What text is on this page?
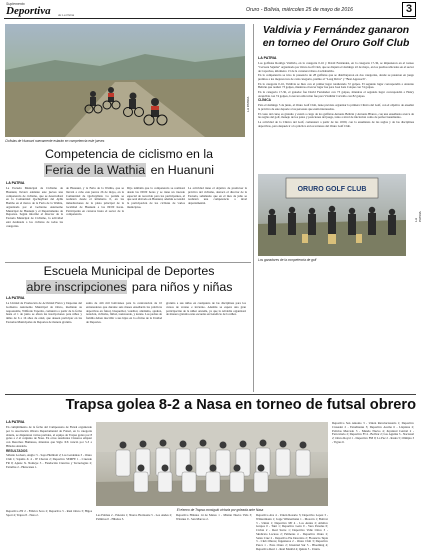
Suplemento
Deportiva	de La Patria
Oruro - Bolivia, miércoles 25 de mayo de 2016	3
LA PATRIA
Ciclistas de Huanuni nuevamente estarán en competencia este jueves
Competencia de ciclismo en la
Feria de la Wathia en Huanuni
LA PATRIA
La Escuela Municipal de Ciclismo de Huanuni, llevará adelante este jueves una competencia de ciclismo, que se desarrollará en la Comunidad Qochuyllani del Ayllu Bombo en el marco de la Feria de la Wathia, organizada por el Gobierno Autónomo Municipal de Huanuni y el Departamento de Deportes. Según informó el director de la Escuela Municipal de Ciclismo, la actividad está destinada a los ciclistas de todas las categorías.
de Huanuni, y la Feria de la Wathia, que se llevará a cabo este jueves 26 de mayo, en la Comunidad de Qochuyllani. La partida se realizará desde el kilómetro 0, en las inmediaciones de la plaza principal de la localidad de Huanuni a las 09:00 horas. Participarán en carreras hasta el sector de la competencia.
Dijo también que la competencia se realizará desde las 09:00 horas y se tiene un trazado especial de recorrido para los participantes, el que será ubicado en Huanuni, además se tendrá la participación de los ciclistas de varios municipios.
La actividad tiene el objetivo de promover la práctica del ciclismo, destacó el director de la Escuela, señalando que en el mes de julio se realizará una competencia a nivel departamental.
Escuela Municipal de Deportes
abre inscripciones para niños y niñas
LA PATRIA
La Unidad de Promoción de Actividad Física y Deportes del Gobierno Autónomo Municipal de Oruro, mediante su responsable, Wilfredo Taperita, comunica a partir de la fecha hasta el 1 de junio se abren las inscripciones para niños y niñas de 6 a 16 años de edad, que deseen participar en las Escuelas Municipales de Deportes de manera gratuita.
suma de 416 mil bolivianos para la contratación de 10 entrenadores que durante seis meses enseñarán las prácticas deportivas en futsal, básquetbol, voleibol, atletismo, ajedrez, natación, ciclismo, fútbol, taekwondo, y karate. Los padres de familia deben inscribir a sus hijos en la oficina de la Unidad de Deportes.
gratuita a sus niños en cualquiera de las disciplinas para los cursos de verano e invierno. Además se espera una gran participación de la niñez orureña, ya que la Alcaldía organizará de manera gratuita estas escuelas en beneficio de la niñez.
Valdivia y Fernández ganaron en torneo del Oruro Golf Club
LA PATRIA

Los golfistas Rodrigo Valdivia, en la categoría 0-16 y David Fernández, en la categoría 17-36, se impusieron en el torneo "Cerveza Sajama" organizado por Oruro Golf Club, que se disputó el domingo 22 de mayo, en los predios ubicados en el sector de Capachos, kilómetro 13 de la carretera Oruro-Cochabamba.

En la competencia se tuvo la presencia de 28 golfistas que se distribuyeron en dos categorías, donde se pusieron en juego premios a los mejores tres de cada categoría, premio al "Long Drive" y "Best Approach".

En la categoría 0-16, Valdivia se hizo con el primer lugar totalizando 72 golpes. El segundo lugar correspondió a Antonio Beltrán que realizó 73 golpes, mientras el tercer lugar fue para José Luis Colque con 74 golpes.

En la categoría 17-36, el ganador fue David Fernández con 73 golpes, mientras el segundo lugar correspondió a Henry Arancibia con 74 golpes, la tercera ubicación fue para Vladimir Carvallo con 82 golpes.

CLÍNICA

Para el domingo 5 de junio, el Oruro Golf Club, tiene previsto organizar la primera Clínica del Golf, con el objetivo de enseñar la práctica de este deporte a las personas que estén interesadas.

El costo del curso es gratuito y estará a cargo de los golfistas Antonio Beltrán y Antonio Blanco, con una enseñanza acerca de las reglas del golf, manejo de los palos y posiciones del juego, tanto a nivel de iniciación como de perfeccionamiento.

La actividad de la Clínica del Golf, comenzará a partir de las 10:00, con la enseñanza de las reglas y de las disciplinas deportivas, para después ir a la práctica en los terrenos del Oruro Golf Club.

ORURO GOLF CLUB
LA PATRIA
Los ganadores de la competencia de golf
Trapsa golea 8-2 a Nasa en torneo de futsal obrero
LA PATRIA

En cumplimiento de la fecha del Campeonato de Futsal organizado por la Asociación Obrera Departamental de Futsal, en la categoría abierta, se disputaron varios partidos, el equipo de Trapsa goleó por 8 goles a 2 al conjunto de Nasa. En otros resultados Cisneros empató con Derechos Humanos, mientras que Siglo XX venció por 5-3 a Hilados Anzaldo.

RESULTADOS

Sábado Lockers, Anglo: 5 - Sopa Humbolt 2; Las Gardenias 3 - Oruro Club 1; Sajama Jr. 4 - JP Chacón 2; Deportivo SEMFE 1 - Cruzado FR 0; Ajuste X. Nomeye 3 - Fundación Ciencias y Tecnologías 2; Estrellas 2 - Huracanes 1.

El elenco de Trapsa consiguió victoria por goleada ante Nasa
Deportivo San Antonio 3 - Unión Revolucionaria 1; Deportivo Crusader 2 - Estudiantes 5; Deportivo Aroma 6 - Llapistas 2; Policías Mercado 3 - Mundo Nuevo 4; Juventud Central 2 - Ferroviario 2; Deportivo FI 4 - Bolívar 2; Las Águilas 3 - Nacional 2; Oruro Royal 1 - Deportivo FM 0; La Paz 2 - Rauta 5; Olimpia 3 - Tigres 0.
Deportivo ZN 2 - Fábrica Seco 2; Deportivo 5 - Real Oruro 3; Higos Sport 4; Trapsa 8 - Nasa 2.	Las Palmas 2 - Palestra 1; Nuevo Horizonte 5 - Los Andes 2; Palmitos 0 - Hilados 3.
Deportivo Hilados 14 de Marzo 1 - Misión Nueva Vida 3; Wiranus 0 - San Marcos 2.
Deportivo Ave 4 - Unión Rosario 3; Deportivo Lopez 3 - Wilstermann 1; Jorge Wilstermann 1 - Moscón 1; Bolivar 3 - Unión 1; Deportivo MJ 4 - Los Andes 2; Atlético Grupos 0 - Tuni 1; Deportivo León 0 - Vera Paredes 0; Ciclón 2 - Real Sucre 1; Deportivo Valle Chico 3 - Sindicato Lacteos 2; Palmeras 4 - Deportivo Oruro 2; Santa Cruz 2 - Deportivo Pie Descalzo 2; Florencio Tapia 3 - Club Obrero; Ingenieros 2 - Oruro Club 3; Deportivo Pesca 1 - Puro Oruro 2; Juventud Sur 5 - Blooming 4; Deportivo Real 1 - Real Madrid 4; Quinta 5 - Unión.
